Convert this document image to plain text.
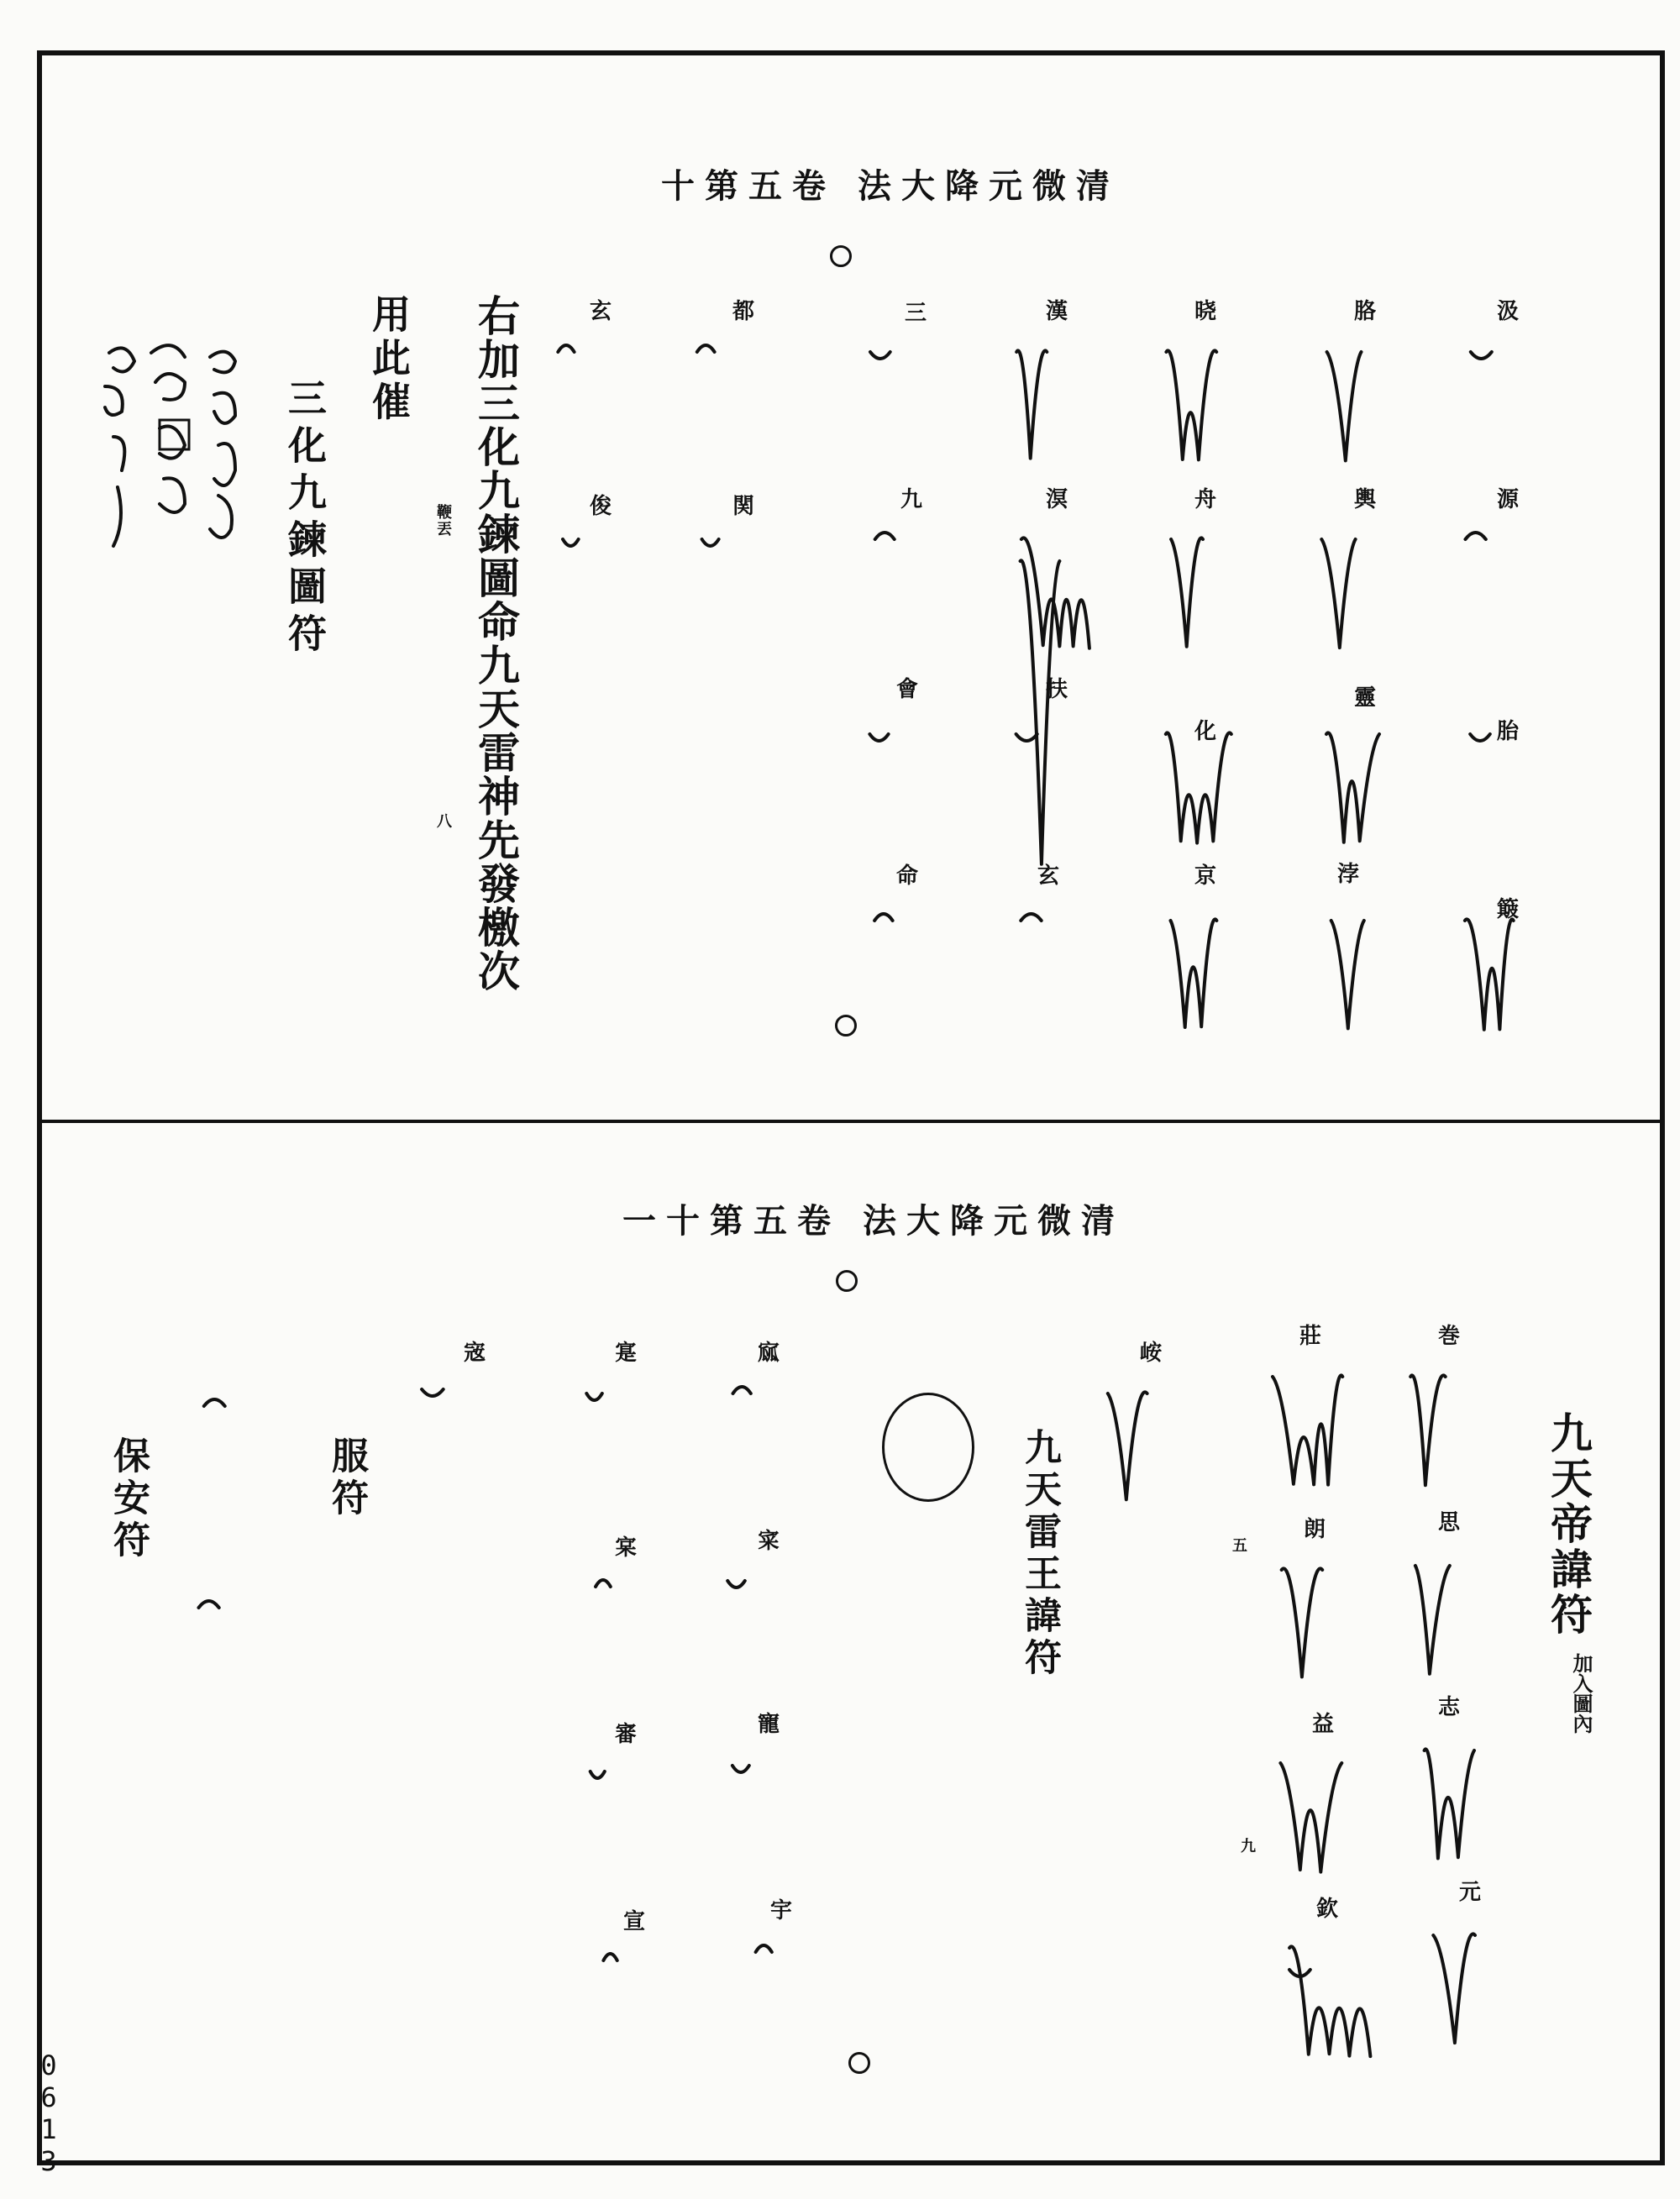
十第五卷 法大降元微清
汲
源
胎
簸
胳
輿
靈
浡
晓
舟
化
京
漢
溟
扶
玄
三
九
會
命
都
関
玄
俊
右加三化九鍊圖命九天雷神先發檄次
鞭
丟
八
用此催
三化九鍊圖符
一十第五卷 法大降元微清
九天帝諱符
加入圖內
巻
思
志
元
莊
朗
益
欽
五
九
峖
九天雷王諱符
寙
寀
寵
宇
寔
宲
審
宣
宼
服符
保安符
0613
